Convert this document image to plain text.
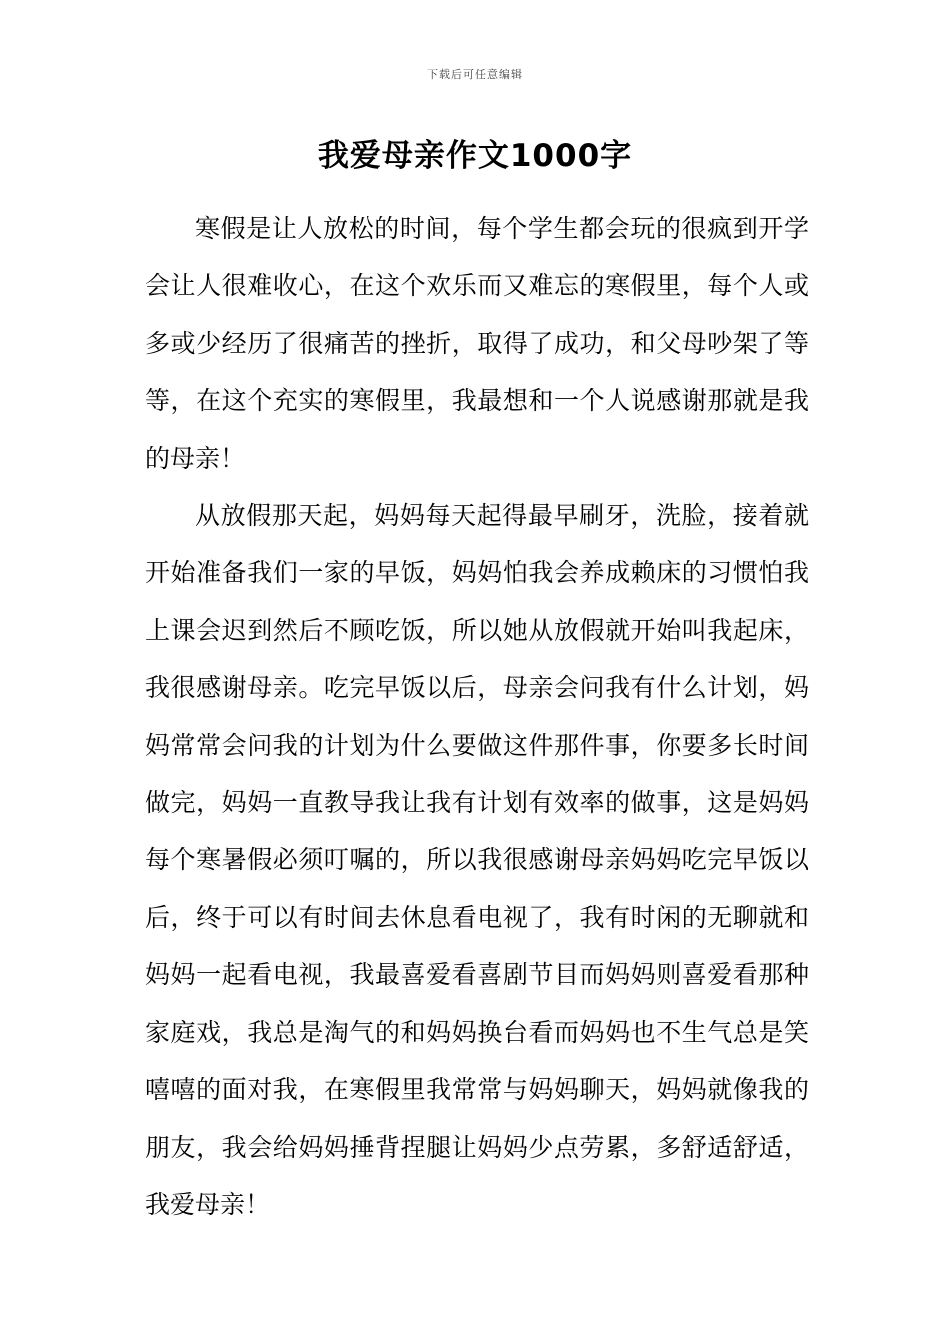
下载后可任意编辑
我爱母亲作文1000字

寒假是让人放松的时间，每个学生都会玩的很疯到开学会让人很难收心，在这个欢乐而又难忘的寒假里，每个人或多或少经历了很痛苦的挫折，取得了成功，和父母吵架了等等，在这个充实的寒假里，我最想和一个人说感谢那就是我的母亲！

从放假那天起，妈妈每天起得最早刷牙，洗脸，接着就开始准备我们一家的早饭，妈妈怕我会养成赖床的习惯怕我上课会迟到然后不顾吃饭，所以她从放假就开始叫我起床，我很感谢母亲。吃完早饭以后，母亲会问我有什么计划，妈妈常常会问我的计划为什么要做这件那件事，你要多长时间做完，妈妈一直教导我让我有计划有效率的做事，这是妈妈每个寒暑假必须叮嘱的，所以我很感谢母亲妈妈吃完早饭以后，终于可以有时间去休息看电视了，我有时闲的无聊就和妈妈一起看电视，我最喜爱看喜剧节目而妈妈则喜爱看那种家庭戏，我总是淘气的和妈妈换台看而妈妈也不生气总是笑嘻嘻的面对我，在寒假里我常常与妈妈聊天，妈妈就像我的朋友，我会给妈妈捶背捏腿让妈妈少点劳累，多舒适舒适，我爱母亲！
